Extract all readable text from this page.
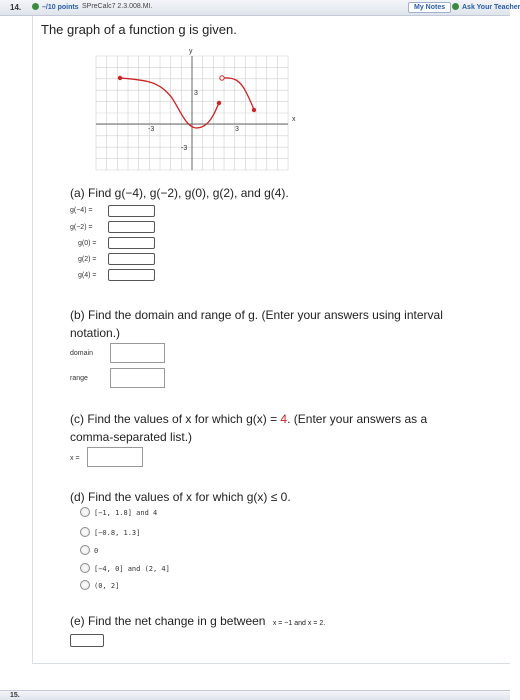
14.	–/10 points SPreCalc7 2.3.008.MI.	My Notes	Ask Your Teacher
The graph of a function g is given.
y
x
3
-3
-3	3
(a) Find g(−4), g(−2), g(0), g(2), and g(4).
g(−4) =
g(−2) =
g(0) =
g(2) =
g(4) =
(b) Find the domain and range of g. (Enter your answers using interval
notation.)
domain
range
(c) Find the values of x for which g(x) = 4. (Enter your answers as a
comma-separated list.)
x =
(d) Find the values of x for which g(x) ≤ 0.
[−1, 1.8] and 4
[−0.8, 1.3]
0
[−4, 0] and (2, 4]
(0, 2]
(e) Find the net change in g between x = −1 and x = 2.
15.
